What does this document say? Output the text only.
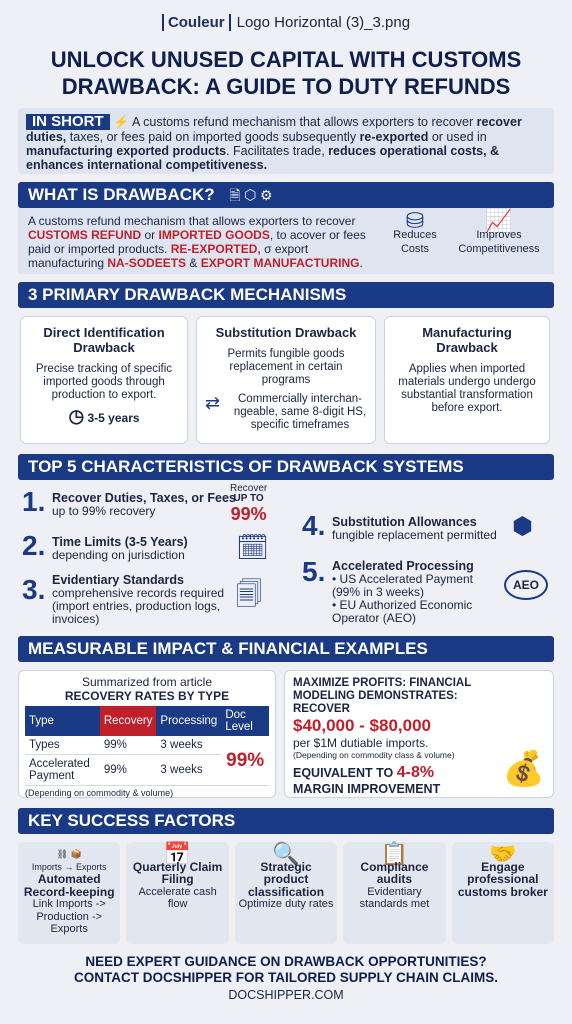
Couleur Logo Horizontal (3)_3.png
UNLOCK UNUSED CAPITAL WITH CUSTOMS DRAWBACK: A GUIDE TO DUTY REFUNDS
IN SHORT ⚡ A customs refund mechanism that allows exporters to recover recover duties, taxes, or fees paid on imported goods subsequently re-exported or used in manufacturing exported products. Facilitates trade, reduces operational costs, & enhances international competitiveness.
WHAT IS DRAWBACK? 🗎 ⬡ ⚙
A customs refund mechanism that allows exporters to recover CUSTOMS REFUND or IMPORTED GOODS, to acover or fees paid or imported products. RE-EXPORTED, σ export manufacturing NA-SODEETS & EXPORT MANUFACTURING.
⛁
Reduces Costs
📈
Improves Competitiveness
3 PRIMARY DRAWBACK MECHANISMS
Direct Identification Drawback
Precise tracking of specific imported goods through production to export.
◷ 3-5 years
Substitution Drawback
Permits fungible goods replacement in certain programs
⇄ Commercially interchan-ngeable, same 8-digit HS, specific timeframes
Manufacturing Drawback
Applies when imported materials undergo undergo substantial transformation before export.
TOP 5 CHARACTERISTICS OF DRAWBACK SYSTEMS
1. Recover Duties, Taxes, or Fees
up to 99% recovery
Recover
UP TO
99%
2. Time Limits (3-5 Years)
depending on jurisdiction 🗓
3. Evidentiary Standards
comprehensive records required (import entries, production logs, invoices)
🗐
4. Substitution Allowances
fungible replacement permitted ⬢
5. Accelerated Processing
• US Accelerated Payment (99% in 3 weeks)
• EU Authorized Economic Operator (AEO)
AEO
MEASURABLE IMPACT & FINANCIAL EXAMPLES
Summarized from article
RECOVERY RATES BY TYPE
Type	Recovery	Processing	Doc Level
Types	99%	3 weeks	99%
Accelerated Payment	99%	3 weeks	
(Depending on commodity & volume)
MAXIMIZE PROFITS: FINANCIAL MODELING DEMONSTRATES: RECOVER
$40,000 - $80,000
per $1M dutiable imports.
(Depending on commodity class & volume)
EQUIVALENT TO 4-8%
MARGIN IMPROVEMENT
💰
KEY SUCCESS FACTORS
⛓ 📦
Imports → Exports
Automated Record-keeping
Link Imports -> Production -> Exports
📅
Quarterly Claim Filing
Accelerate cash flow
🔍
Strategic product classification
Optimize duty rates
📋
Compliance audits
Evidentiary standards met
🤝
Engage professional customs broker
NEED EXPERT GUIDANCE ON DRAWBACK OPPORTUNITIES?
CONTACT DOCSHIPPER FOR TAILORED SUPPLY CHAIN CLAIMS.
DOCSHIPPER.COM
